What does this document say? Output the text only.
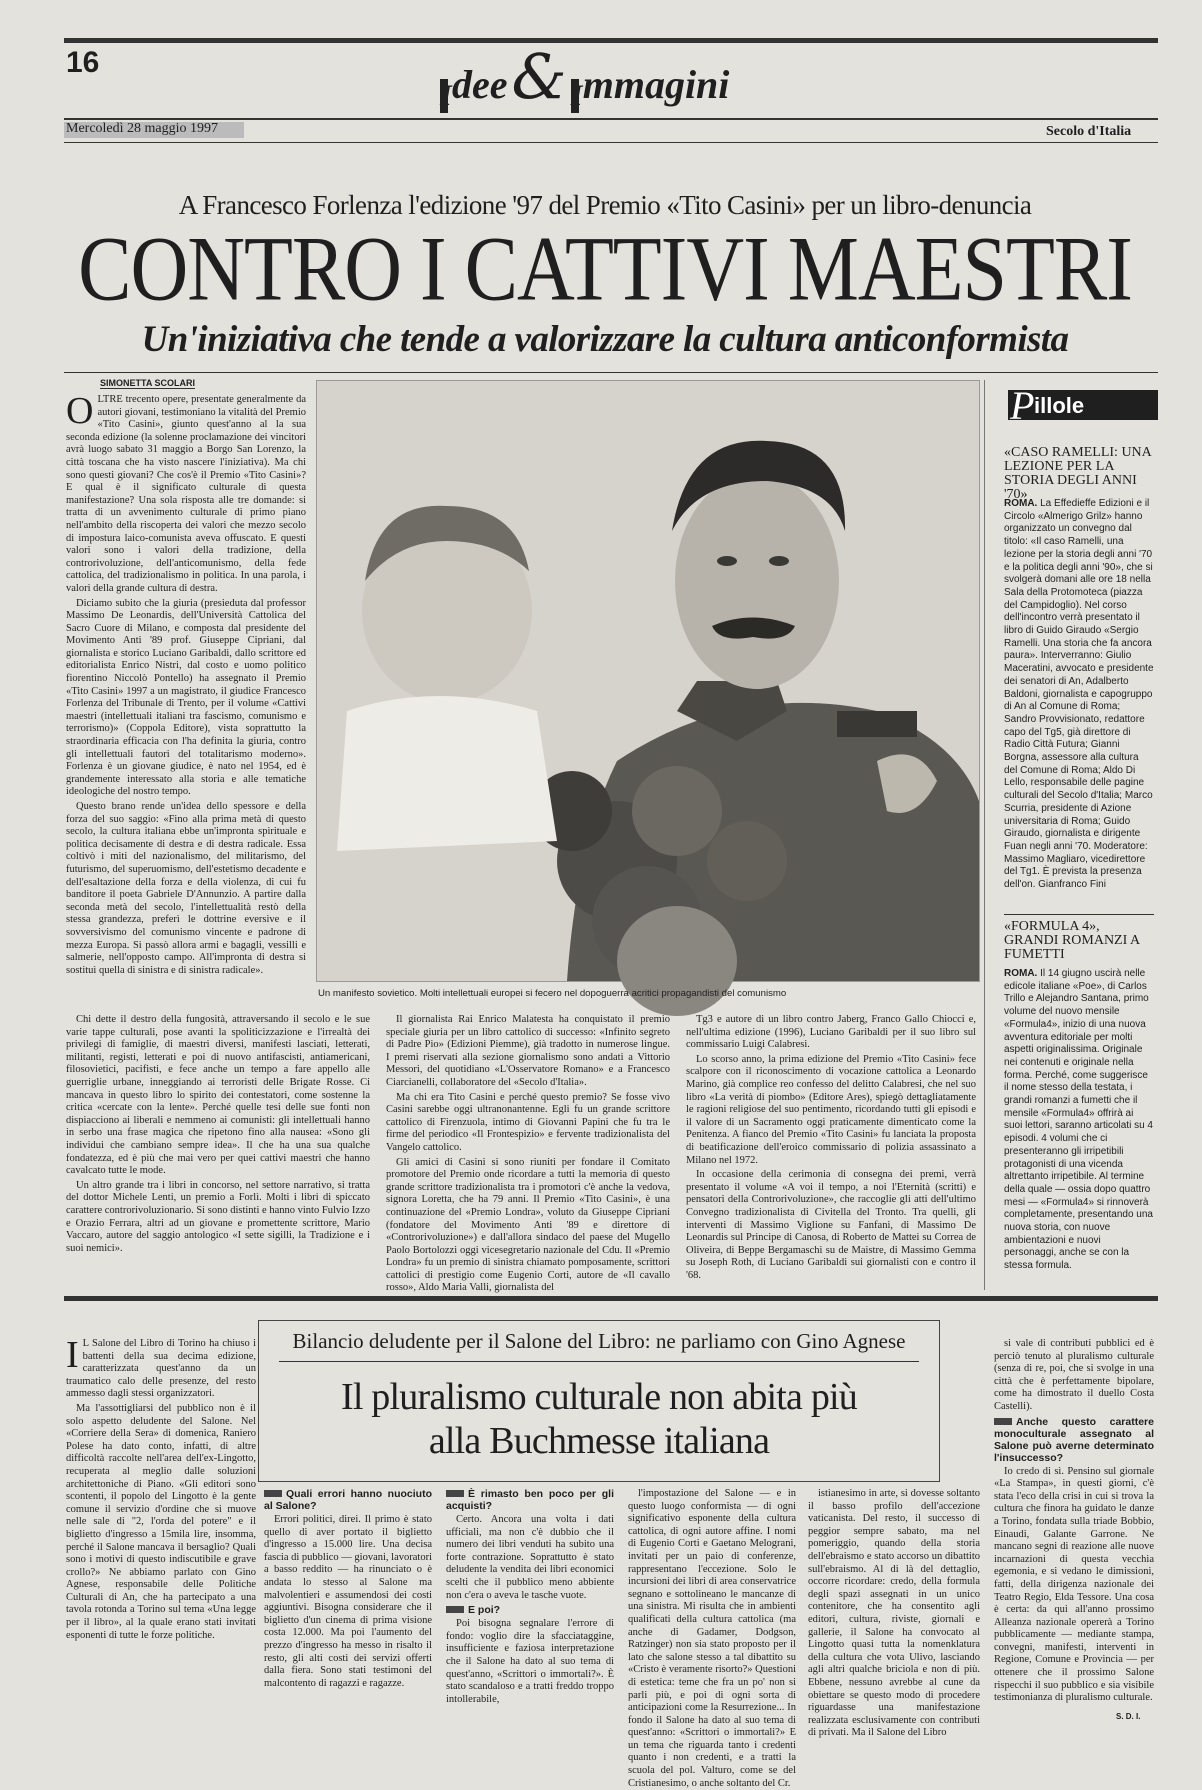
16
I dee & I mmagini
Mercoledì 28 maggio 1997	Secolo d'Italia
A Francesco Forlenza l'edizione '97 del Premio «Tito Casini» per un libro-denuncia
CONTRO I CATTIVI MAESTRI
Un'iniziativa che tende a valorizzare la cultura anticonformista
SIMONETTA SCOLARI

OLTRE trecento opere, presentate generalmente da autori giovani, testimoniano la vitalità del Premio «Tito Casini», giunto quest'anno al la sua seconda edizione (la solenne proclamazione dei vincitori avrà luogo sabato 31 maggio a Borgo San Lorenzo, la città toscana che ha visto nascere l'iniziativa). Ma chi sono questi giovani? Che cos'è il Premio «Tito Casini»? E qual è il significato culturale di questa manifestazione? Una sola risposta alle tre domande: si tratta di un avvenimento culturale di primo piano nell'ambito della riscoperta dei valori che mezzo secolo di impostura laico-comunista aveva offuscato. E questi valori sono i valori della tradizione, della controrivoluzione, dell'anticomunismo, della fede cattolica, del tradizionalismo in politica. In una parola, i valori della grande cultura di destra.

Diciamo subito che la giuria (presieduta dal professor Massimo De Leonardis, dell'Università Cattolica del Sacro Cuore di Milano, e composta dal presidente del Movimento Anti '89 prof. Giuseppe Cipriani, dal giornalista e storico Luciano Garibaldi, dallo scrittore ed editorialista Enrico Nistri, dal costo e uomo politico fiorentino Niccolò Pontello) ha assegnato il Premio «Tito Casini» 1997 a un magistrato, il giudice Francesco Forlenza del Tribunale di Trento, per il volume «Cattivi maestri (intellettuali italiani tra fascismo, comunismo e terrorismo)» (Coppola Editore), vista soprattutto la straordinaria efficacia con l'ha definita la giuria, contro gli intellettuali fautori del totalitarismo moderno». Forlenza è un giovane giudice, è nato nel 1954, ed è grandemente interessato alla storia e alle tematiche ideologiche del nostro tempo.

Questo brano rende un'idea dello spessore e della forza del suo saggio: «Fino alla prima metà di questo secolo, la cultura italiana ebbe un'impronta spirituale e politica decisamente di destra e di destra radicale. Essa coltivò i miti del nazionalismo, del militarismo, del futurismo, del superuomismo, dell'estetismo decadente e dell'esaltazione della forza e della violenza, di cui fu banditore il poeta Gabriele D'Annunzio. A partire dalla seconda metà del secolo, l'intellettualità restò della stessa grandezza, preferì le dottrine eversive e il sovversivismo del comunismo vincente e padrone di mezza Europa. Si passò allora armi e bagagli, vessilli e salmerie, nell'opposto campo. All'impronta di destra si sostituì quella di sinistra e di sinistra radicale».

Un manifesto sovietico. Molti intellettuali europei si fecero nel dopoguerra acritici propagandisti del comunismo

Chi dette il destro della fungosità, attraversando il secolo e le sue varie tappe culturali, pose avanti la spoliticizzazione e l'irrealtà dei privilegi di famiglie, di maestri diversi, manifesti lasciati, letterati, militanti, registi, letterati e poi di nuovo antifascisti, antiamericani, filosovietici, pacifisti, e fece anche un tempo a fare appello alle guerriglie urbane, inneggiando ai terroristi delle Brigate Rosse. Ci mancava in questo libro lo spirito dei contestatori, come sostenne la critica «cercate con la lente». Perché quelle tesi delle sue fonti non dispiacciono ai liberali e nemmeno ai comunisti: gli intellettuali hanno in serbo una frase magica che ripetono fino alla nausea: «Sono gli individui che cambiano sempre idea». Il che ha una sua qualche fondatezza, ed è più che mai vero per quei cattivi maestri che hanno cavalcato tutte le mode.

Un altro grande tra i libri in concorso, nel settore narrativo, si tratta del dottor Michele Lenti, un premio a Forlì. Molti i libri di spiccato carattere controrivoluzionario. Si sono distinti e hanno vinto Fulvio Izzo e Orazio Ferrara, altri ad un giovane e promettente scrittore, Mario Vaccaro, autore del saggio antologico «I sette sigilli, la Tradizione e i suoi nemici».

Il giornalista Rai Enrico Malatesta ha conquistato il premio speciale giuria per un libro cattolico di successo: «Infinito segreto di Padre Pio» (Edizioni Piemme), già tradotto in numerose lingue. I premi riservati alla sezione giornalismo sono andati a Vittorio Messori, del quotidiano «L'Osservatore Romano» e a Francesco Ciarcianelli, collaboratore del «Secolo d'Italia».

Ma chi era Tito Casini e perché questo premio? Se fosse vivo Casini sarebbe oggi ultranonantenne. Egli fu un grande scrittore cattolico di Firenzuola, intimo di Giovanni Papini che fu tra le firme del periodico «Il Frontespizio» e fervente tradizionalista del Vangelo cattolico.

Gli amici di Casini si sono riuniti per fondare il Comitato promotore del Premio onde ricordare a tutti la memoria di questo grande scrittore tradizionalista tra i promotori c'è anche la vedova, signora Loretta, che ha 79 anni. Il Premio «Tito Casini», è una continuazione del «Premio Londra», voluto da Giuseppe Cipriani (fondatore del Movimento Anti '89 e direttore di «Controrivoluzione») e dall'allora sindaco del paese del Mugello Paolo Bortolozzi oggi vicesegretario nazionale del Cdu. Il «Premio Londra» fu un premio di sinistra chiamato pomposamente, scrittori cattolici di prestigio come Eugenio Corti, autore de «Il cavallo rosso», Aldo Maria Valli, giornalista del

Tg3 e autore di un libro contro Jaberg, Franco Gallo Chiocci e, nell'ultima edizione (1996), Luciano Garibaldi per il suo libro sul commissario Luigi Calabresi.

Lo scorso anno, la prima edizione del Premio «Tito Casini» fece scalpore con il riconoscimento di vocazione cattolica a Leonardo Marino, già complice reo confesso del delitto Calabresi, che nel suo libro «La verità di piombo» (Editore Ares), spiegò dettagliatamente le ragioni religiose del suo pentimento, ricordando tutti gli episodi e il valore di un Sacramento oggi praticamente dimenticato come la Penitenza. A fianco del Premio «Tito Casini» fu lanciata la proposta di beatificazione dell'eroico commissario di polizia assassinato a Milano nel 1972.

In occasione della cerimonia di consegna dei premi, verrà presentato il volume «A voi il tempo, a noi l'Eternità (scritti) e pensatori della Controrivoluzione», che raccoglie gli atti dell'ultimo Convegno tradizionalista di Civitella del Tronto. Tra quelli, gli interventi di Massimo Viglione su Fanfani, di Massimo De Leonardis sul Principe di Canosa, di Roberto de Mattei su Correa de Oliveira, di Beppe Bergamaschi su de Maistre, di Massimo Gemma su Joseph Roth, di Luciano Garibaldi sui giornalisti con e contro il '68.

P illole
«CASO RAMELLI: UNA LEZIONE PER LA STORIA DEGLI ANNI '70»
ROMA. La Effedieffe Edizioni e il Circolo «Almerigo Grilz» hanno organizzato un convegno dal titolo: «Il caso Ramelli, una lezione per la storia degli anni '70 e la politica degli anni '90», che si svolgerà domani alle ore 18 nella Sala della Protomoteca (piazza del Campidoglio). Nel corso dell'incontro verrà presentato il libro di Guido Giraudo «Sergio Ramelli. Una storia che fa ancora paura». Interverranno: Giulio Maceratini, avvocato e presidente dei senatori di An, Adalberto Baldoni, giornalista e capogruppo di An al Comune di Roma; Sandro Provvisionato, redattore capo del Tg5, già direttore di Radio Città Futura; Gianni Borgna, assessore alla cultura del Comune di Roma; Aldo Di Lello, responsabile delle pagine culturali del Secolo d'Italia; Marco Scurria, presidente di Azione universitaria di Roma; Guido Giraudo, giornalista e dirigente Fuan negli anni '70. Moderatore: Massimo Magliaro, vicedirettore del Tg1. È prevista la presenza dell'on. Gianfranco Fini
«FORMULA 4», GRANDI ROMANZI A FUMETTI
ROMA. Il 14 giugno uscirà nelle edicole italiane «Poe», di Carlos Trillo e Alejandro Santana, primo volume del nuovo mensile «Formula4», inizio di una nuova avventura editoriale per molti aspetti originalissima. Originale nei contenuti e originale nella forma. Perché, come suggerisce il nome stesso della testata, i grandi romanzi a fumetti che il mensile «Formula4» offrirà ai suoi lettori, saranno articolati su 4 episodi. 4 volumi che ci presenteranno gli irripetibili protagonisti di una vicenda altrettanto irripetibile. Al termine della quale — ossia dopo quattro mesi — «Formula4» si rinnoverà completamente, presentando una nuova storia, con nuove ambientazioni e nuovi personaggi, anche se con la stessa formula.

I L Salone del Libro di Torino ha chiuso i battenti della sua decima edizione, caratterizzata quest'anno da un traumatico calo delle presenze, del resto ammesso dagli stessi organizzatori.

Ma l'assottigliarsi del pubblico non è il solo aspetto deludente del Salone. Nel «Corriere della Sera» di domenica, Raniero Polese ha dato conto, infatti, di altre difficoltà raccolte nell'area dell'ex-Lingotto, recuperata al meglio dalle soluzioni architettoniche di Piano. «Gli editori sono scontenti, il popolo del Lingotto è la gente comune il servizio d'ordine che si muove nelle sale di "2, l'orda del potere" e il biglietto d'ingresso a 15mila lire, insomma, perché il Salone mancava il bersaglio? Quali sono i motivi di questo indiscutibile e grave crollo?» Ne abbiamo parlato con Gino Agnese, responsabile delle Politiche Culturali di An, che ha partecipato a una tavola rotonda a Torino sul tema «Una legge per il libro», al la quale erano stati invitati esponenti di tutte le forze politiche.

Bilancio deludente per il Salone del Libro: ne parliamo con Gino Agnese
Il pluralismo culturale non abita più
alla Buchmesse italiana

Quali errori hanno nuociuto al Salone?

Errori politici, direi. Il primo è stato quello di aver portato il biglietto d'ingresso a 15.000 lire. Una decisa fascia di pubblico — giovani, lavoratori a basso reddito — ha rinunciato o è andata lo stesso al Salone ma malvolentieri e assumendosi dei costi aggiuntivi. Bisogna considerare che il biglietto d'un cinema di prima visione costa 12.000. Ma poi l'aumento del prezzo d'ingresso ha messo in risalto il resto, gli alti costi dei servizi offerti dalla fiera. Sono stati testimoni del malcontento di ragazzi e ragazze.

È rimasto ben poco per gli acquisti?

Certo. Ancora una volta i dati ufficiali, ma non c'è dubbio che il numero dei libri venduti ha subito una forte contrazione. Soprattutto è stato deludente la vendita dei libri economici scelti che il pubblico meno abbiente non c'era o aveva le tasche vuote.

E poi?

Poi bisogna segnalare l'errore di fondo: voglio dire la sfacciataggine, insufficiente e faziosa interpretazione che il Salone ha dato al suo tema di quest'anno, «Scrittori o immortali?». È stato scandaloso e a tratti freddo troppo intollerabile,

l'impostazione del Salone — e in questo luogo conformista — di ogni significativo esponente della cultura cattolica, di ogni autore affine. I nomi di Eugenio Corti e Gaetano Melograni, invitati per un paio di conferenze, rappresentano l'eccezione. Solo le incursioni dei libri di area conservatrice segnano e sottolineano le mancanze di una sinistra. Mi risulta che in ambienti qualificati della cultura cattolica (ma anche di Gadamer, Dodgson, Ratzinger) non sia stato proposto per il lato che salone stesso a tal dibattito su «Cristo è veramente risorto?» Questioni di estetica: teme che fra un po' non si parli più, e poi di ogni sorta di anticipazioni come la Resurrezione... In fondo il Salone ha dato al suo tema di quest'anno: «Scrittori o immortali?» E un tema che riguarda tanto i credenti quanto i non credenti, e a tratti la scuola del pol. Valturo, come se del Cristianesimo, o anche soltanto del Cr.

istianesimo in arte, si dovesse soltanto il basso profilo dell'accezione vaticanista. Del resto, il successo di peggior sempre sabato, ma nel pomeriggio, quando della storia dell'ebraismo e stato accorso un dibattito sull'ebraismo. Al di là del dettaglio, occorre ricordare: credo, della formula degli spazi assegnati in un unico contenitore, che ha consentito agli editori, cultura, riviste, giornali e gallerie, il Salone ha convocato al Lingotto quasi tutta la nomenklatura della cultura che vota Ulivo, lasciando agli altri qualche briciola e non di più. Ebbene, nessuno avrebbe al cune da obiettare se questo modo di procedere riguardasse una manifestazione realizzata esclusivamente con contributi di privati. Ma il Salone del Libro

si vale di contributi pubblici ed è perciò tenuto al pluralismo culturale (senza di re, poi, che si svolge in una città che è perfettamente bipolare, come ha dimostrato il duello Costa Castelli).

Anche questo carattere monoculturale assegnato al Salone può averne determinato l'insuccesso?

Io credo di sì. Pensino sul giornale «La Stampa», in questi giorni, c'è stata l'eco della crisi in cui si trova la cultura che finora ha guidato le danze a Torino, fondata sulla triade Bobbio, Einaudi, Galante Garrone. Ne mancano segni di reazione alle nuove incarnazioni di questa vecchia egemonia, e si vedano le dimissioni, fatti, della dirigenza nazionale dei Teatro Regio, Elda Tessore. Una cosa è certa: da qui all'anno prossimo Alleanza nazionale opererà a Torino pubblicamente — mediante stampa, convegni, manifesti, interventi in Regione, Comune e Provincia — per ottenere che il prossimo Salone rispecchi il suo pubblico e sia visibile testimonianza di pluralismo culturale.

S. D. I.
